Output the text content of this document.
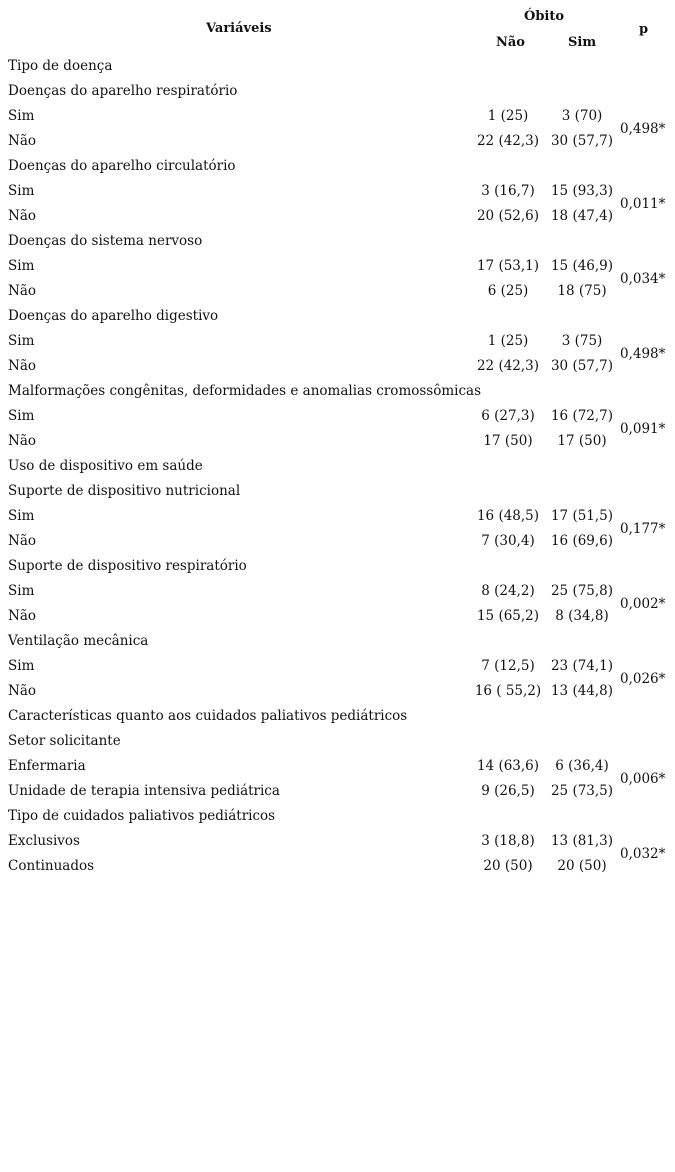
Variáveis
Óbito
Não	Sim
p
Tipo de doença
Doenças do aparelho respiratório
Sim	1 (25)	3 (70)
0,498*
Não	22 (42,3) 30 (57,7)
Doenças do aparelho circulatório
Sim	3 (16,7)	15 (93,3)
0,011*
Não	20 (52,6) 18 (47,4)
Doenças do sistema nervoso
Sim	17 (53,1) 15 (46,9)
0,034*
Não	6 (25)	18 (75)
Doenças do aparelho digestivo
Sim	1 (25)	3 (75)
0,498*
Não	22 (42,3) 30 (57,7)
Malformações congênitas, deformidades e anomalias cromossômicas
Sim	6 (27,3)	16 (72,7)
0,091*
Não	17 (50)	17 (50)
Uso de dispositivo em saúde
Suporte de dispositivo nutricional
Sim	16 (48,5) 17 (51,5)
0,177*
Não	7 (30,4)	16 (69,6)
Suporte de dispositivo respiratório
Sim	8 (24,2)	25 (75,8)
0,002*
Não	15 (65,2)	8 (34,8)
Ventilação mecânica
Sim	7 (12,5)	23 (74,1)
0,026*
Não	16 ( 55,2) 13 (44,8)
Características quanto aos cuidados paliativos pediátricos
Setor solicitante
Enfermaria	14 (63,6)	6 (36,4)
0,006*
Unidade de terapia intensiva pediátrica	9 (26,5)	25 (73,5)
Tipo de cuidados paliativos pediátricos
Exclusivos	3 (18,8)	13 (81,3)
0,032*
Continuados	20 (50)	20 (50)
